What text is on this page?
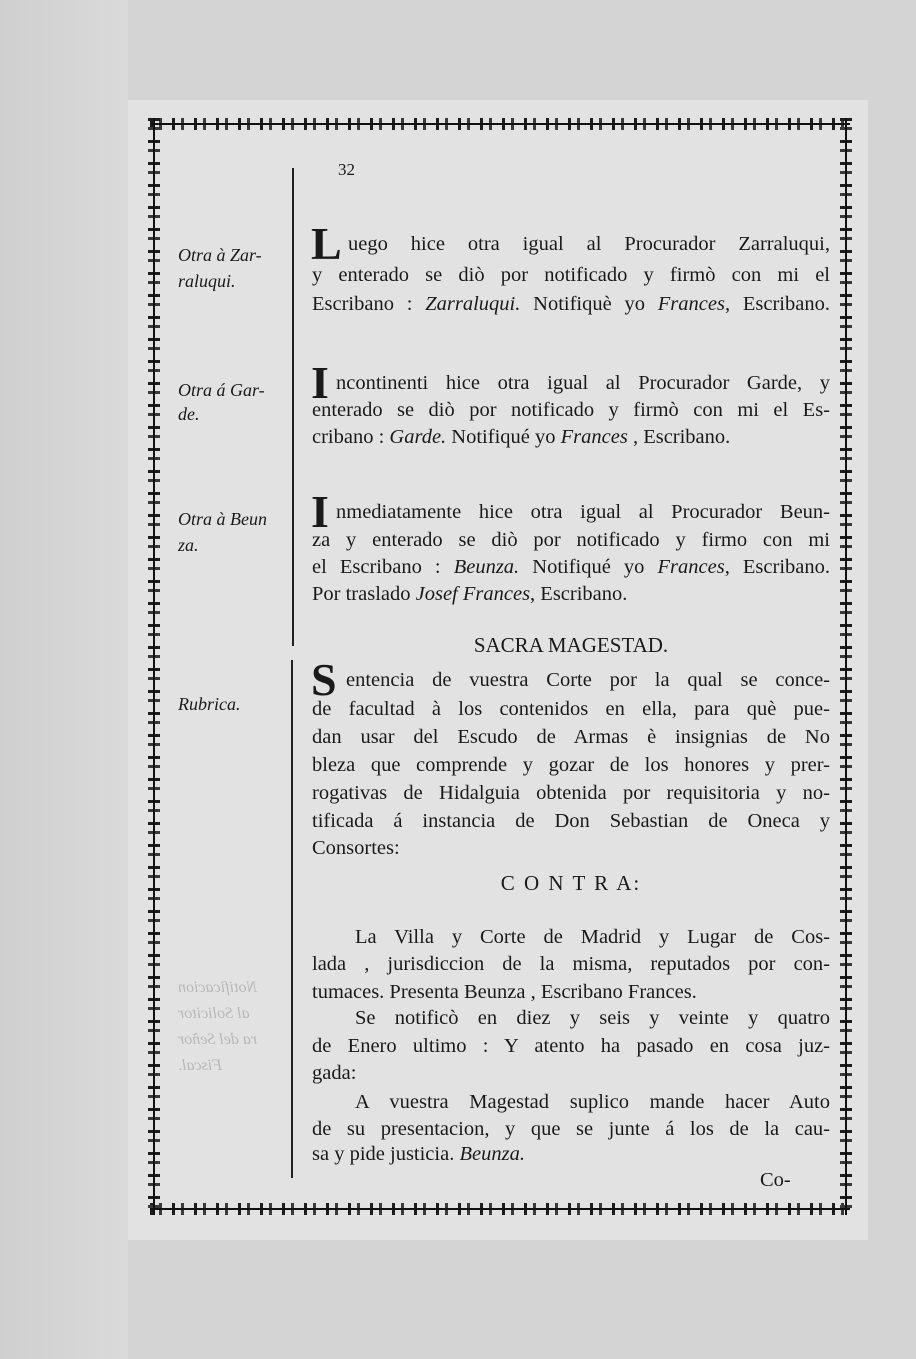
32
Otra à Zar-
raluqui.
Otra á Gar-
de.
Otra à Beun
za.
Rubrica.
Notificacion
al Solicitor
ra del Señor
Fiscal.
L uego hice otra igual al Procurador Zarraluqui,
y enterado se diò por notificado y firmò con mi el
Escribano : Zarraluqui. Notifiquè yo Frances, Escribano.
I ncontinenti hice otra igual al Procurador Garde, y
enterado se diò por notificado y firmò con mi el Es-
cribano : Garde. Notifiqué yo Frances , Escribano.
I nmediatamente hice otra igual al Procurador Beun-
za y enterado se diò por notificado y firmo con mi
el Escribano : Beunza. Notifiqué yo Frances, Escribano.
Por traslado Josef Frances, Escribano.
S entencia de vuestra Corte por la qual se conce-
de facultad à los contenidos en ella, para què pue-
dan usar del Escudo de Armas è insignias de No
bleza que comprende y gozar de los honores y prer-
rogativas de Hidalguia obtenida por requisitoria y no-
tificada á instancia de Don Sebastian de Oneca y
Consortes:
La Villa y Corte de Madrid y Lugar de Cos-
lada , jurisdiccion de la misma, reputados por con-
tumaces. Presenta Beunza , Escribano Frances.
Se notificò en diez y seis y veinte y quatro
de Enero ultimo : Y atento ha pasado en cosa juz-
gada:
A vuestra Magestad suplico mande hacer Auto
de su presentacion, y que se junte á los de la cau-
sa y pide justicia. Beunza.
SACRA MAGESTAD.
C O N T R A:
Co-
